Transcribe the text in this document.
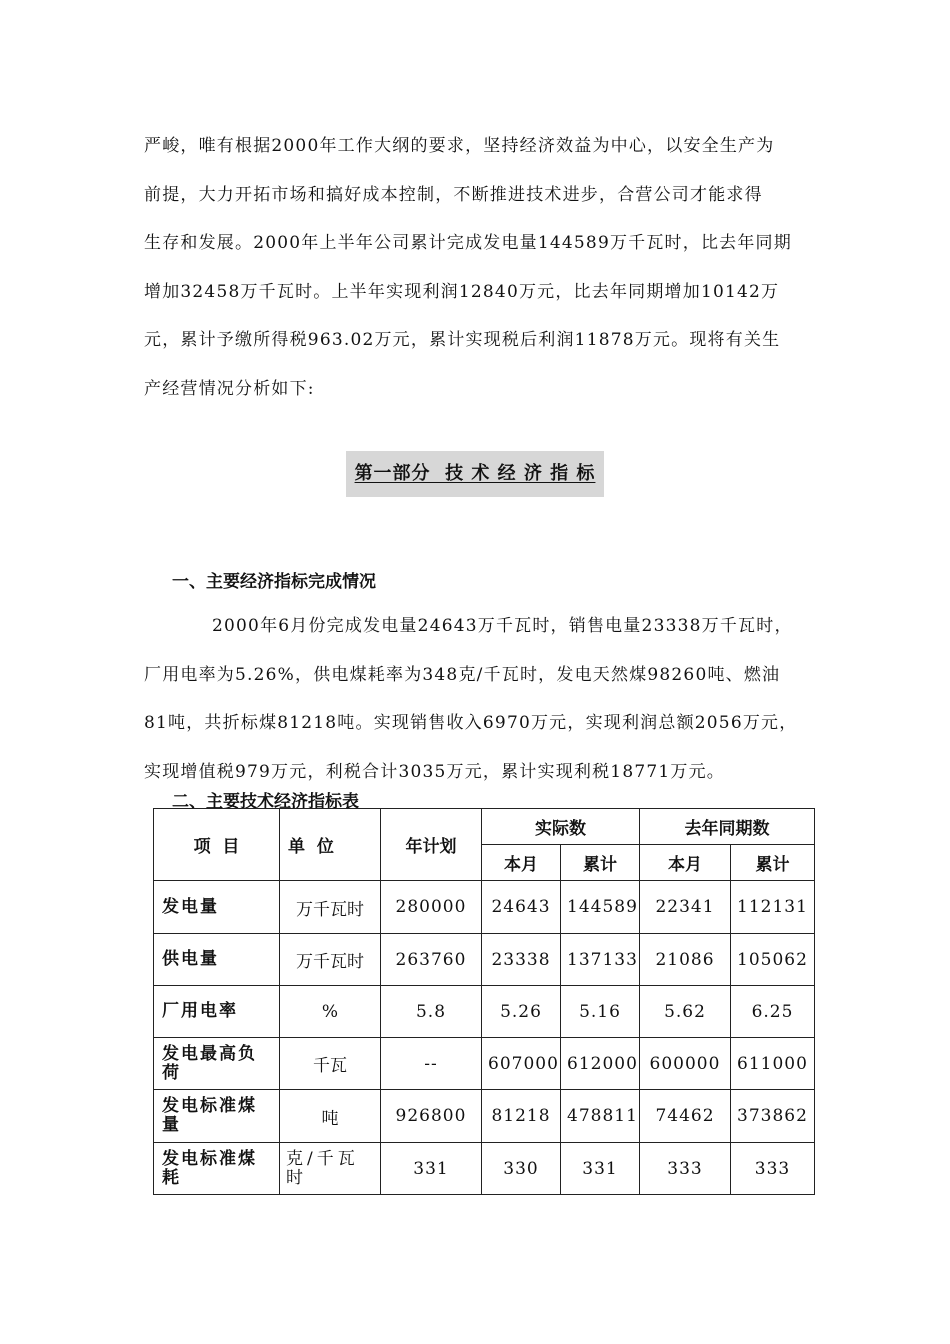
严峻，唯有根据2000年工作大纲的要求，坚持经济效益为中心，以安全生产为
前提，大力开拓市场和搞好成本控制，不断推进技术进步，合营公司才能求得
生存和发展。2000年上半年公司累计完成发电量144589万千瓦时，比去年同期
增加32458万千瓦时。上半年实现利润12840万元，比去年同期增加10142万
元，累计予缴所得税963.02万元，累计实现税后利润11878万元。现将有关生
产经营情况分析如下:
第一部分  技 术 经 济 指 标
一、主要经济指标完成情况
2000年6月份完成发电量24643万千瓦时，销售电量23338万千瓦时，
厂用电率为5.26%，供电煤耗率为348克/千瓦时，发电天然煤98260吨、燃油
81吨，共折标煤81218吨。实现销售收入6970万元，实现利润总额2056万元，
实现增值税979万元，利税合计3035万元，累计实现利税18771万元。
二、主要技术经济指标表
项  目	单  位	年计划	实际数		去年同期数	
			本月	累计	本月	累计
发电量	万千瓦时	280000	24643	144589	22341	112131
供电量	万千瓦时	263760	23338	137133	21086	105062
厂用电率	%	5.8	5.26	5.16	5.62	6.25
发电最高负荷	千瓦	--	607000	612000	600000	611000
发电标准煤量	吨	926800	81218	478811	74462	373862
发电标准煤耗	克/千瓦时	331	330	331	333	333
